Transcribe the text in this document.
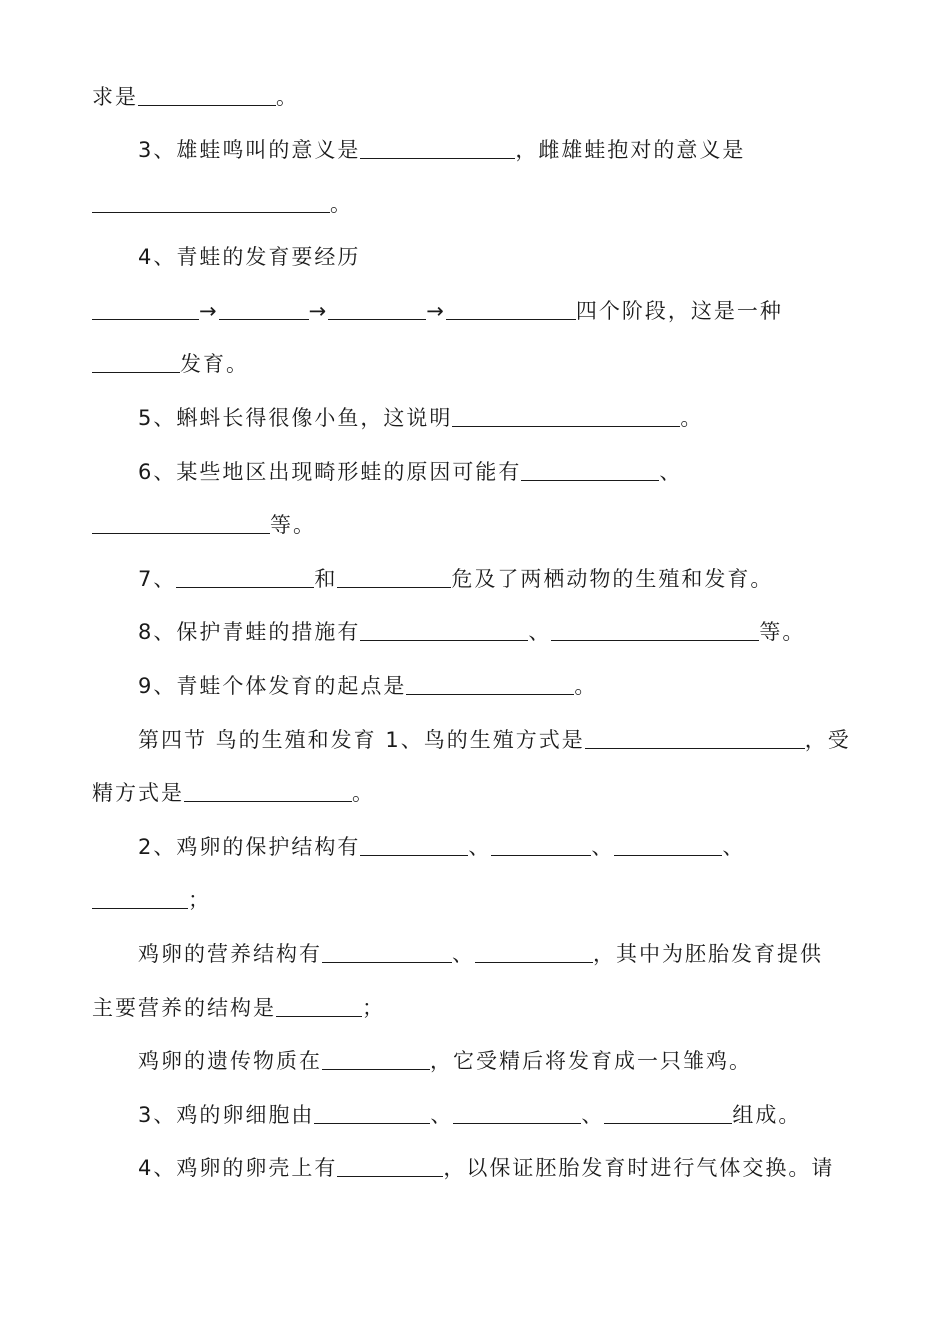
求是	。
3、雄蛙鸣叫的意义是	，雌雄蛙抱对的意义是
。
4、青蛙的发育要经历
→	→	→	四个阶段，这是一种
发育。
5、蝌蚪长得很像小鱼，这说明	。
6、某些地区出现畸形蛙的原因可能有	、
等。
7、	和	危及了两栖动物的生殖和发育。
8、保护青蛙的措施有	、	等。
9、青蛙个体发育的起点是	。
第四节 鸟的生殖和发育 1、鸟的生殖方式是	，受
精方式是	。
2、鸡卵的保护结构有	、	、	、
；
鸡卵的营养结构有	、	，其中为胚胎发育提供
主要营养的结构是	；
鸡卵的遗传物质在	，它受精后将发育成一只雏鸡。
3、鸡的卵细胞由	、	、	组成。
4、鸡卵的卵壳上有	，以保证胚胎发育时进行气体交换。请
